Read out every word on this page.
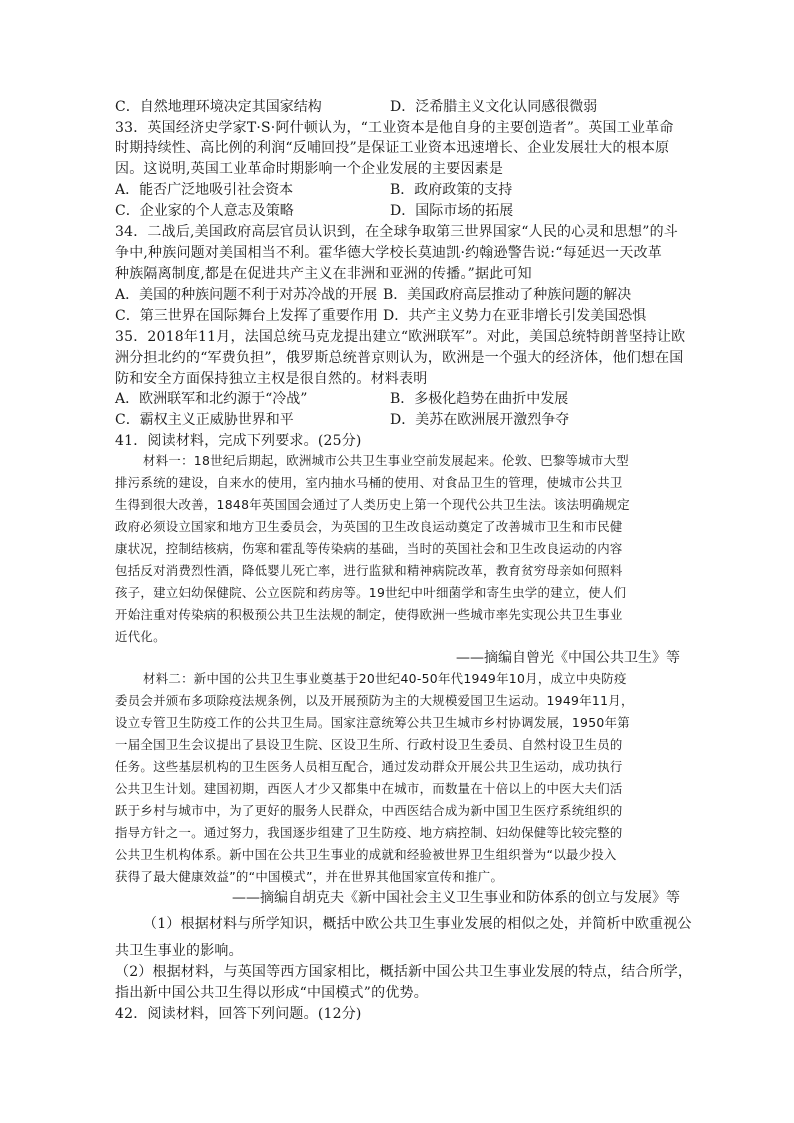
C．自然地理环境决定其国家结构	D．泛希腊主义文化认同感很微弱
33．英国经济史学家T·S·阿什顿认为，“工业资本是他自身的主要创造者”。英国工业革命
时期持续性、高比例的利润“反哺回投”是保证工业资本迅速增长、企业发展壮大的根本原
因。这说明,英国工业革命时期影响一个企业发展的主要因素是
A．能否广泛地吸引社会资本	B．政府政策的支持
C．企业家的个人意志及策略	D．国际市场的拓展
34．二战后,美国政府高层官员认识到，在全球争取第三世界国家“人民的心灵和思想”的斗
争中,种族问题对美国相当不利。霍华德大学校长莫迪凯·约翰逊警告说:“每延迟一天改革
种族隔离制度,都是在促进共产主义在非洲和亚洲的传播。”据此可知
A．美国的种族问题不利于对苏冷战的开展 B．美国政府高层推动了种族问题的解决
C．第三世界在国际舞台上发挥了重要作用 D．共产主义势力在亚非增长引发美国恐惧
35．2018年11月，法国总统马克龙提出建立“欧洲联军”。对此，美国总统特朗普坚持让欧
洲分担北约的“军费负担”，俄罗斯总统普京则认为，欧洲是一个强大的经济体，他们想在国
防和安全方面保持独立主权是很自然的。材料表明
A．欧洲联军和北约源于“冷战”	B．多极化趋势在曲折中发展
C．霸权主义正威胁世界和平	D．美苏在欧洲展开激烈争夺
41．阅读材料，完成下列要求。(25分)
材料一：18世纪后期起，欧洲城市公共卫生事业空前发展起来。伦敦、巴黎等城市大型
排污系统的建设，自来水的使用，室内抽水马桶的使用、对食品卫生的管理，使城市公共卫
生得到很大改善，1848年英国国会通过了人类历史上第一个现代公共卫生法。该法明确规定
政府必须设立国家和地方卫生委员会，为英国的卫生改良运动奠定了改善城市卫生和市民健
康状况，控制结核病，伤寒和霍乱等传染病的基础，当时的英国社会和卫生改良运动的内容
包括反对消费烈性酒，降低婴儿死亡率，进行监狱和精神病院改革，教育贫穷母亲如何照料
孩子，建立妇幼保健院、公立医院和药房等。19世纪中叶细菌学和寄生虫学的建立，使人们
开始注重对传染病的积极预公共卫生法规的制定，使得欧洲一些城市率先实现公共卫生事业
近代化。
——摘编自曾光《中国公共卫生》等
材料二：新中国的公共卫生事业奠基于20世纪40-50年代1949年10月，成立中央防疫
委员会并颁布多项除疫法规条例，以及开展预防为主的大规模爱国卫生运动。1949年11月，
设立专管卫生防疫工作的公共卫生局。国家注意统筹公共卫生城市乡村协调发展，1950年第
一届全国卫生会议提出了县设卫生院、区设卫生所、行政村设卫生委员、自然村设卫生员的
任务。这些基层机构的卫生医务人员相互配合，通过发动群众开展公共卫生运动，成功执行
公共卫生计划。建国初期，西医人才少又都集中在城市，而数量在十倍以上的中医大夫们活
跃于乡村与城市中，为了更好的服务人民群众，中西医结合成为新中国卫生医疗系统组织的
指导方针之一。通过努力，我国逐步组建了卫生防疫、地方病控制、妇幼保健等比较完整的
公共卫生机构体系。新中国在公共卫生事业的成就和经验被世界卫生组织誉为“以最少投入
获得了最大健康效益”的“中国模式”，并在世界其他国家宣传和推广。
——摘编自胡克夫《新中国社会主义卫生事业和防体系的创立与发展》等
（1）根据材料与所学知识，概括中欧公共卫生事业发展的相似之处，并简析中欧重视公
共卫生事业的影响。
（2）根据材料，与英国等西方国家相比，概括新中国公共卫生事业发展的特点，结合所学，
指出新中国公共卫生得以形成“中国模式”的优势。
42．阅读材料，回答下列问题。(12分)
